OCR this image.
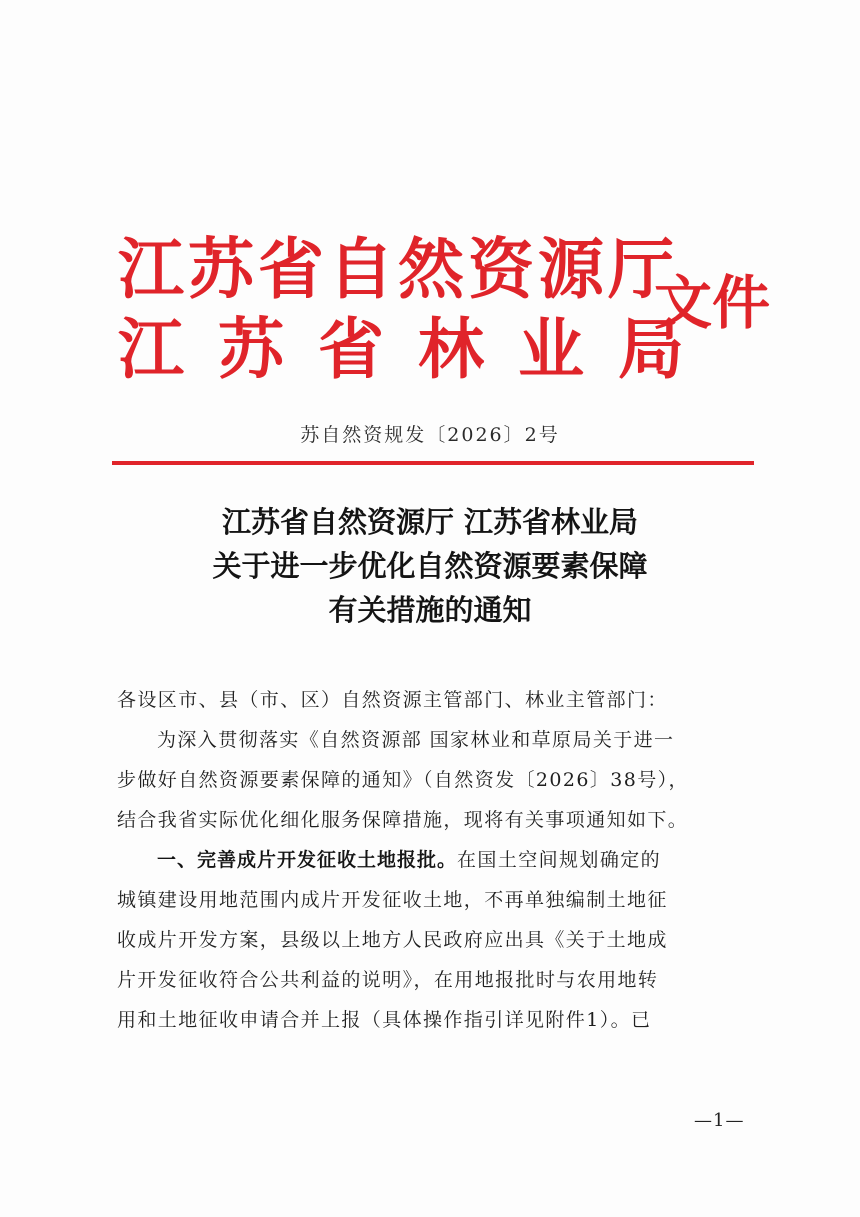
江苏省自然资源厅
江苏省林业局
文件
苏自然资规发〔2026〕2号
江苏省自然资源厅 江苏省林业局
关于进一步优化自然资源要素保障
有关措施的通知

各设区市、县（市、区）自然资源主管部门、林业主管部门：

为深入贯彻落实《自然资源部 国家林业和草原局关于进一

步做好自然资源要素保障的通知》（自然资发〔2026〕38号），

结合我省实际优化细化服务保障措施，现将有关事项通知如下。

一、完善成片开发征收土地报批。在国土空间规划确定的

城镇建设用地范围内成片开发征收土地，不再单独编制土地征

收成片开发方案，县级以上地方人民政府应出具《关于土地成

片开发征收符合公共利益的说明》，在用地报批时与农用地转

用和土地征收申请合并上报（具体操作指引详见附件1）。已

—1—
